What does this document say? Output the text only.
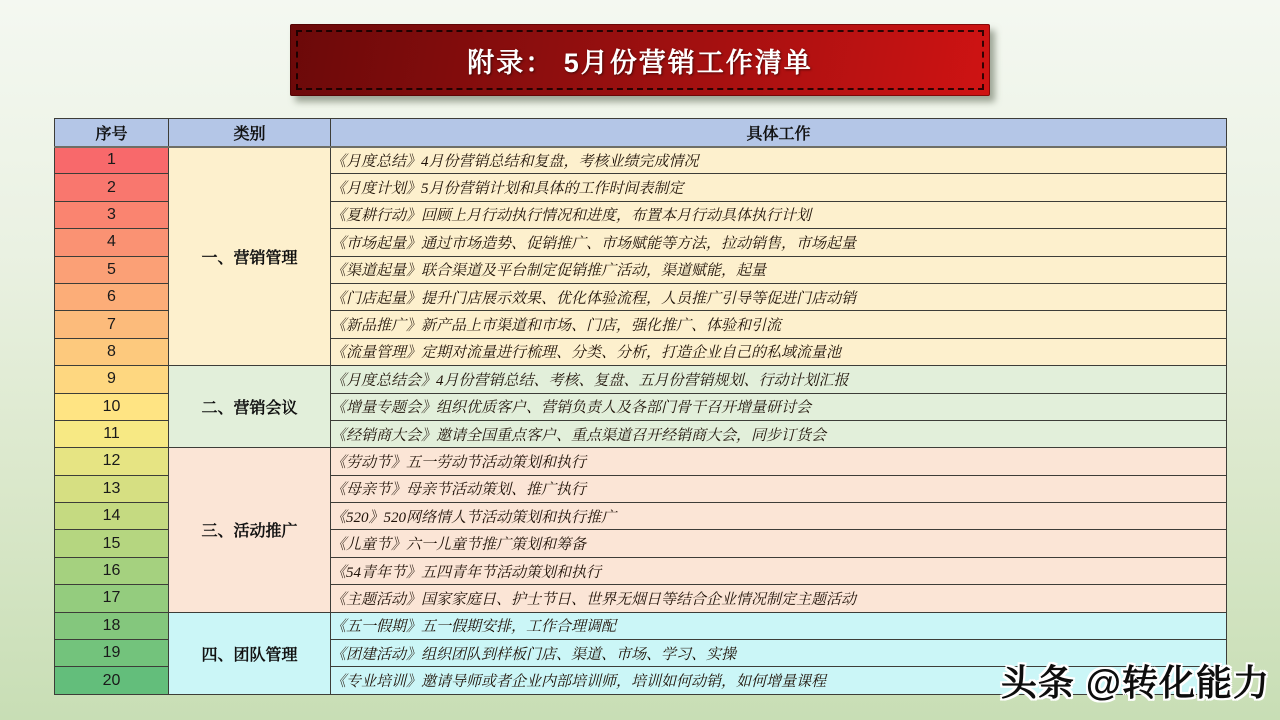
附录： 5月份营销工作清单
序号	类别	具体工作
1	一、营销管理	《月度总结》4月份营销总结和复盘，考核业绩完成情况
2		《月度计划》5月份营销计划和具体的工作时间表制定
3		《夏耕行动》回顾上月行动执行情况和进度，布置本月行动具体执行计划
4		《市场起量》通过市场造势、促销推广、市场赋能等方法，拉动销售，市场起量
5		《渠道起量》联合渠道及平台制定促销推广活动，渠道赋能，起量
6		《门店起量》提升门店展示效果、优化体验流程，人员推广引导等促进门店动销
7		《新品推广》新产品上市渠道和市场、门店，强化推广、体验和引流
8		《流量管理》定期对流量进行梳理、分类、分析，打造企业自己的私域流量池
9	二、营销会议	《月度总结会》4月份营销总结、考核、复盘、五月份营销规划、行动计划汇报
10		《增量专题会》组织优质客户、营销负责人及各部门骨干召开增量研讨会
11		《经销商大会》邀请全国重点客户、重点渠道召开经销商大会，同步订货会
12	三、活动推广	《劳动节》五一劳动节活动策划和执行
13		《母亲节》母亲节活动策划、推广执行
14		《520》520网络情人节活动策划和执行推广
15		《儿童节》六一儿童节推广策划和筹备
16		《54青年节》五四青年节活动策划和执行
17		《主题活动》国家家庭日、护士节日、世界无烟日等结合企业情况制定主题活动
18	四、团队管理	《五一假期》五一假期安排，工作合理调配
19		《团建活动》组织团队到样板门店、渠道、市场、学习、实操
20		《专业培训》邀请导师或者企业内部培训师，培训如何动销，如何增量课程	头条 @转化能力
